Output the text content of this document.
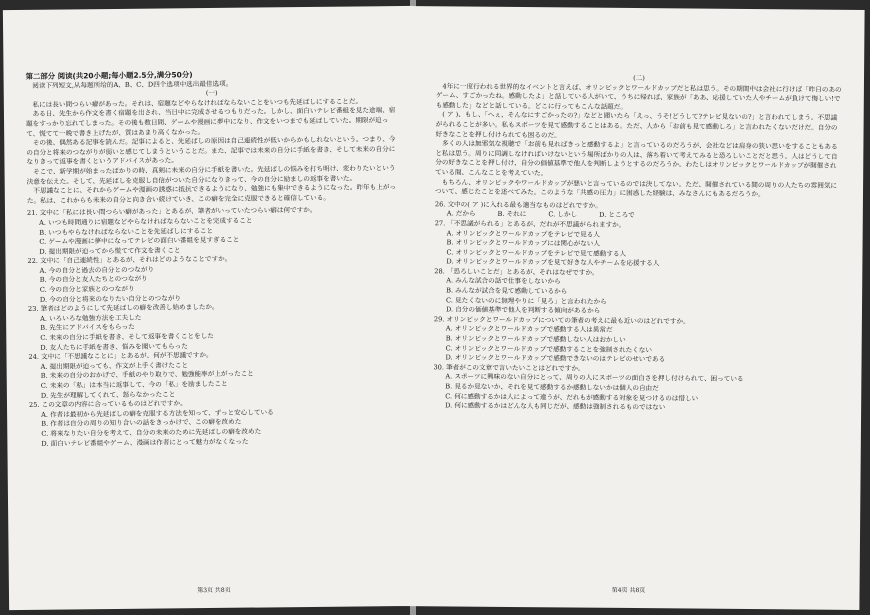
第二部分 阅读(共20小题;每小题2.5分,满分50分)

阅读下列短文,从每题所给的A、B、C、D四个选项中选出最佳选项。

(一)

私には長い間つらい癖があった。それは、宿題などやらなければならないことをいつも先延ばしにすることだ。

ある日、先生から作文を書く宿題を出され、当日中に完成させるつもりだった。しかし、面白いテレビ番組を見た途端、宿題をすっかり忘れてしまった。その後も数日間、ゲームや漫画に夢中になり、作文をいつまでも延ばしていた。期限が迫って、慌てて一晩で書き上げたが、質はあまり高くなかった。

その後、偶然ある記事を読んだ。記事によると、先延ばしの原因は自己連続性が低いからかもしれないという。つまり、今の自分と将来のつながりが弱いと感じてしまうということだ。また、記事では未来の自分に手紙を書き、そして未来の自分になりきって返事を書くというアドバイスがあった。

そこで、新学期が始まったばかりの時、真剣に未来の自分に手紙を書いた。先延ばしの悩みを打ち明け、変わりたいという決意を伝えた。そして、先延ばしを克服し自信がついた自分になりきって、今の自分に励ましの返事を書いた。

不思議なことに、それからゲームや漫画の誘惑に抵抗できるようになり、勉強にも集中できるようになった。昨年も上がった。私は、これからも未来の自分と向き合い続けていき、この癖を完全に克服できると確信している。

21. 文中に「私には長い間つらい癖があった」とあるが、筆者がいっていたつらい癖は何ですか。
A. いつも時間通りに宿題などやらなければならないことを完成すること
B. いつもやらなければならないことを先延ばしにすること
C. ゲームや漫画に夢中になってテレビの面白い番組を見すぎること
D. 提出期限が迫ってから慌てて作文を書くこと
22. 文中に「自己連続性」とあるが、それはどのようなことですか。
A. 今の自分と過去の自分とのつながり
B. 今の自分と友人たちとのつながり
C. 今の自分と家族とのつながり
D. 今の自分と将来のなりたい自分とのつながり
23. 筆者はどのようにして先延ばしの癖を改善し始めましたか。
A. いろいろな勉強方法を工夫した
B. 先生にアドバイスをもらった
C. 未来の自分に手紙を書き、そして返事を書くことをした
D. 友人たちに手紙を書き、悩みを聞いてもらった
24. 文中に「不思議なことに」とあるが、何が不思議ですか。
A. 提出期限が迫っても、作文が上手く書けたこと
B. 未来の自分のおかげで、手紙のやり取りで、勉強能率が上がったこと
C. 未来の「私」は本当に返事して、今の「私」を励ましたこと
D. 先生が理解してくれて、怒らなかったこと
25. この文章の内容に合っているものはどれですか。
A. 作者は最初から先延ばしの癖を克服する方法を知って、ずっと安心している
B. 作者は自分の周りの知り合いの話をきっかけで、この癖を改めた
C. 将来なりたい自分を考えて、自分の未来のために先延ばしの癖を改めた
D. 面白いテレビ番組やゲーム、漫画は作者にとって魅力がなくなった
第3页 共8页
(二)

4年に一度行われる世界的なイベントと言えば、オリンピックとワールドカップだと私は思う。その期間中は会社に行けば「昨日のあのゲーム、すごかったね。感動したよ」と話している人がいて、うちに帰れば、家族が「ああ、応援していた人やチームが負けて悔しい!でも感動した」などと話している。どこに行ってもこんな話題だ。

( ア )、もし、「へぇ、そんなにすごかったの?」などと聞いたら「えっ、うそ!どうして?テレビ見ないの?」と言われてしまう。不思議がられることが多い。私もスポーツを見て感動することはある。ただ、人から「お前も見て感動しろ」と言われたくないだけだ。自分の好きなことを押し付けられても困るのだ。

多くの人は無邪気な視聴で「お前も見ればきっと感動するよ」と言っているのだろうが、会社などは肩身の狭い思いをすることもあると私は思う。周りに同調しなければいけないという場所ばかりの人は、落ち着いて考えてみると恐ろしいことだと思う。人はどうして自分の好きなことを押し付け、自分の価値基準で他人を判断しようとするのだろうか。わたしはオリンピックとワールドカップが開催されている間、こんなことを考えていた。

もちろん、オリンピックやワールドカップが悪いと言っているのでは決してない。ただ、開催されている間の周りの人たちの雰囲気について、感じたことを述べてみた。このような「共感の圧力」に困惑した経験は、みなさんにもあるだろうか。

26. 文中の( ア )に入れる最も適当なものはどれですか。
A. だから	B. それに	C. しかし	D. ところで
27. 「不思議がられる」とあるが、だれが不思議がられますか。
A. オリンピックとワールドカップをテレビで見る人
B. オリンピックとワールドカップには関心がない人
C. オリンピックとワールドカップをテレビで見て感動する人
D. オリンピックとワールドカップを見て好きな人やチームを応援する人
28. 「恐ろしいことだ」とあるが、それはなぜですか。
A. みんな試合の話で仕事をしないから
B. みんなが試合を見て感動しているから
C. 見たくないのに無理やりに「見ろ」と言われたから
D. 自分の価値基準で他人を判断する傾向があるから
29. オリンピックとワールドカップについての筆者の考えに最も近いのはどれですか。
A. オリンピックとワールドカップで感動する人は異常だ
B. オリンピックとワールドカップで感動しない人はおかしい
C. オリンピックとワールドカップで感動することを強制されたくない
D. オリンピックとワールドカップで感動できないのはテレビのせいである
30. 筆者がこの文章で言いたいことはどれですか。
A. スポーツに興味のない自分にとって、周りの人にスポーツの面白さを押し付けられて、困っている
B. 見るか見ないか、それを見て感動するか感動しないかは個人の自由だ
C. 何に感動するかは人によって違うが、だれもが感動する対象を見つけるのは惜しい
D. 何に感動するかはどんな人も同じだが、感動は強制されるものではない
第4页 共8页
